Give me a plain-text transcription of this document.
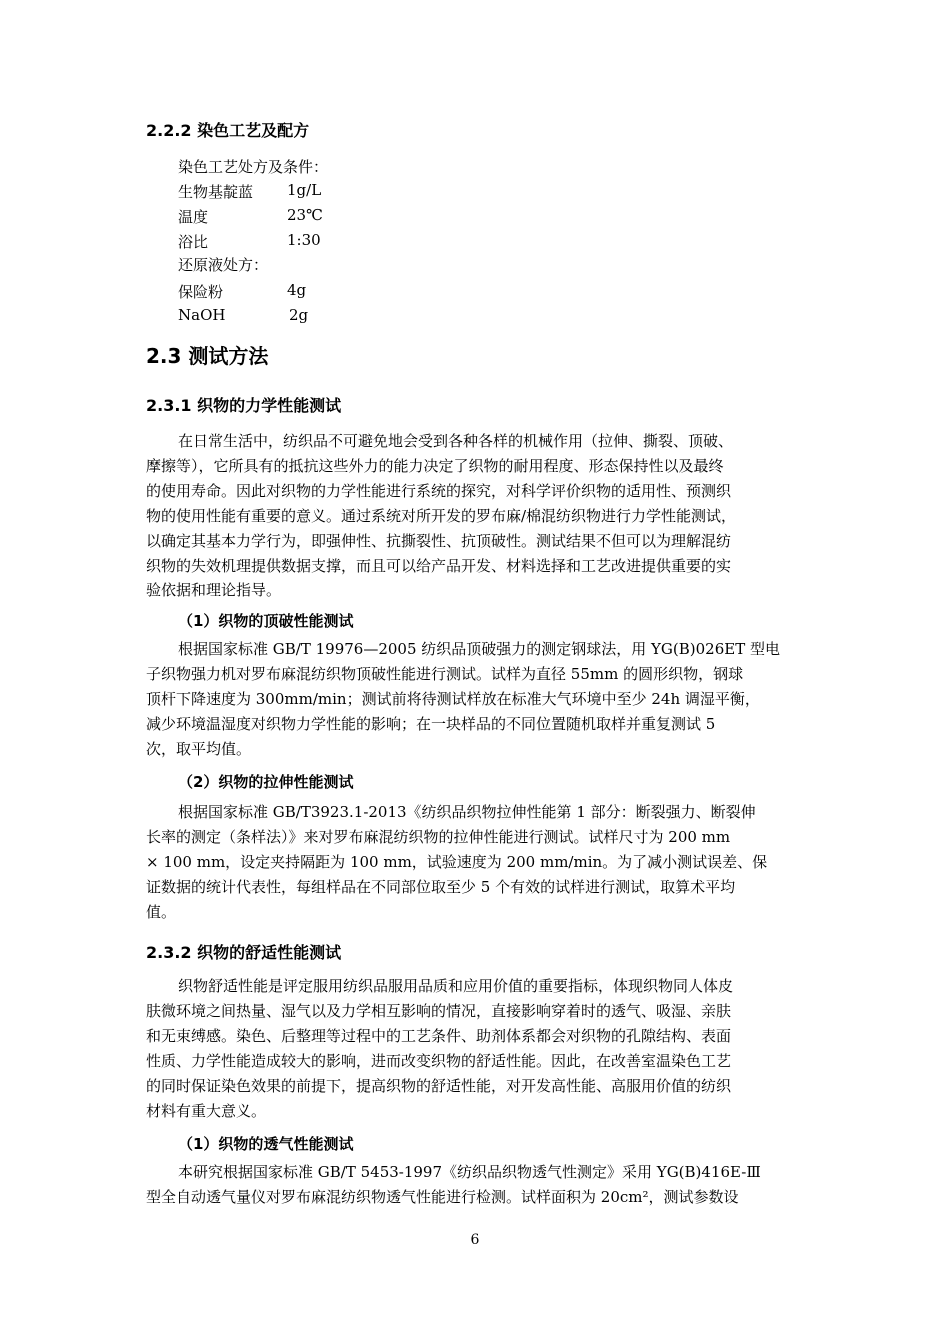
2.2.2 染色工艺及配方
染色工艺处方及条件：
生物基靛蓝 1g/L
温度	23℃
浴比	1:30
还原液处方：
保险粉	4g
NaOH	2g
2.3 测试方法
2.3.1 织物的力学性能测试
在日常生活中，纺织品不可避免地会受到各种各样的机械作用（拉伸、撕裂、顶破、
摩擦等），它所具有的抵抗这些外力的能力决定了织物的耐用程度、形态保持性以及最终
的使用寿命。因此对织物的力学性能进行系统的探究，对科学评价织物的适用性、预测织
物的使用性能有重要的意义。通过系统对所开发的罗布麻/棉混纺织物进行力学性能测试，
以确定其基本力学行为，即强伸性、抗撕裂性、抗顶破性。测试结果不但可以为理解混纺
织物的失效机理提供数据支撑，而且可以给产品开发、材料选择和工艺改进提供重要的实
验依据和理论指导。
（1）织物的顶破性能测试
根据国家标准 GB/T 19976—2005 纺织品顶破强力的测定钢球法，用 YG(B)026ET 型电
子织物强力机对罗布麻混纺织物顶破性能进行测试。试样为直径 55mm 的圆形织物，钢球
顶杆下降速度为 300mm/min；测试前将待测试样放在标准大气环境中至少 24h 调湿平衡，
减少环境温湿度对织物力学性能的影响；在一块样品的不同位置随机取样并重复测试 5
次，取平均值。
（2）织物的拉伸性能测试
根据国家标准 GB/T3923.1-2013《纺织品织物拉伸性能第 1 部分：断裂强力、断裂伸
长率的测定（条样法）》来对罗布麻混纺织物的拉伸性能进行测试。试样尺寸为 200 mm
× 100 mm，设定夹持隔距为 100 mm，试验速度为 200 mm/min。为了减小测试误差、保
证数据的统计代表性，每组样品在不同部位取至少 5 个有效的试样进行测试，取算术平均
值。
2.3.2 织物的舒适性能测试
织物舒适性能是评定服用纺织品服用品质和应用价值的重要指标，体现织物同人体皮
肤微环境之间热量、湿气以及力学相互影响的情况，直接影响穿着时的透气、吸湿、亲肤
和无束缚感。染色、后整理等过程中的工艺条件、助剂体系都会对织物的孔隙结构、表面
性质、力学性能造成较大的影响，进而改变织物的舒适性能。因此，在改善室温染色工艺
的同时保证染色效果的前提下，提高织物的舒适性能，对开发高性能、高服用价值的纺织
材料有重大意义。
（1）织物的透气性能测试
本研究根据国家标准 GB/T 5453-1997《纺织品织物透气性测定》采用 YG(B)416E-Ⅲ
型全自动透气量仪对罗布麻混纺织物透气性能进行检测。试样面积为 20cm²，测试参数设
6
